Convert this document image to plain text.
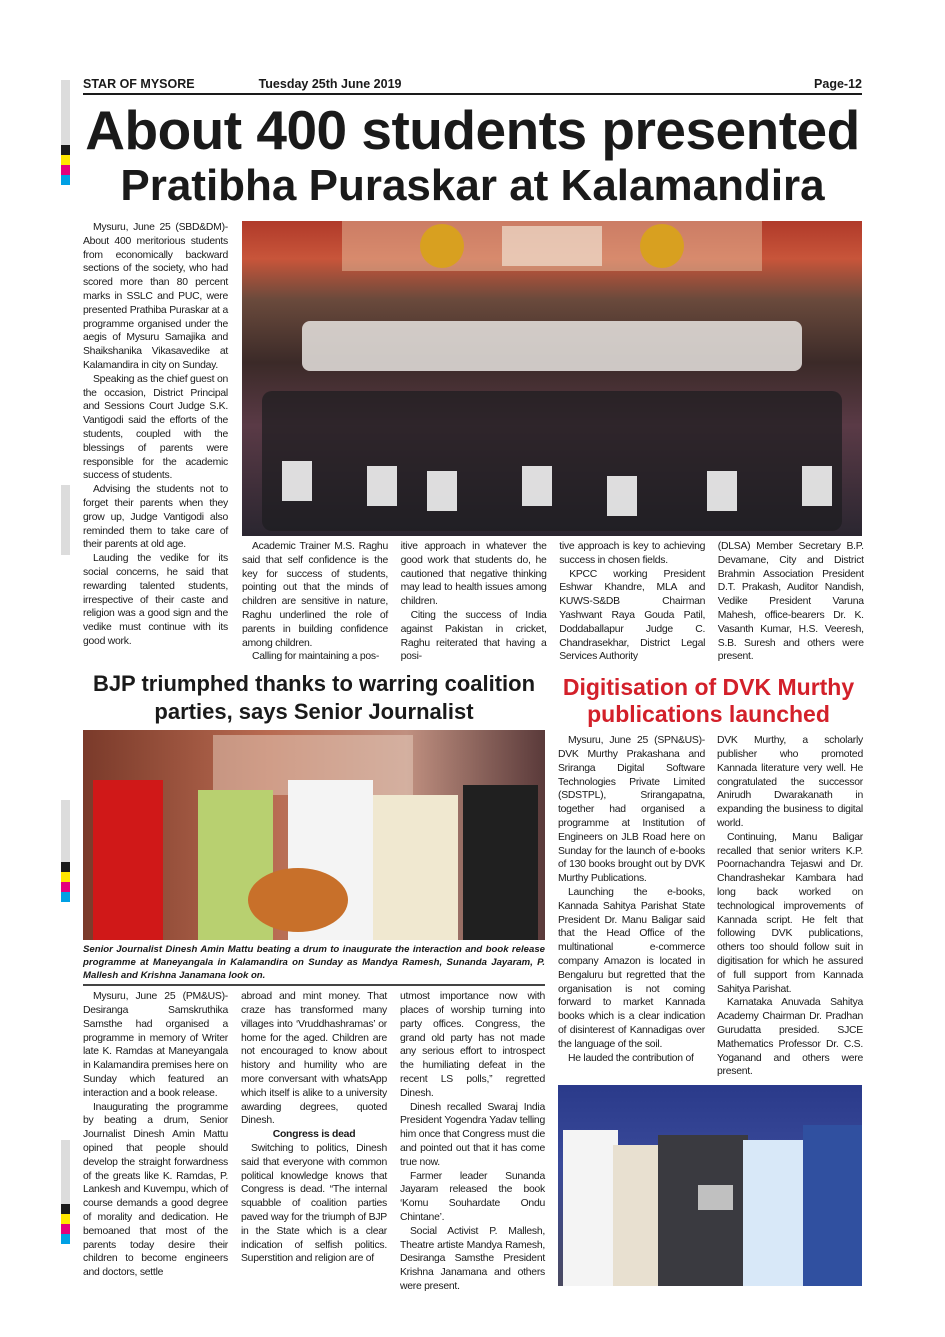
STAR OF MYSORE	Tuesday 25th June 2019	Page-12
About 400 students presented
Pratibha Puraskar at Kalamandira

Mysuru, June 25 (SBD&DM)- About 400 meritorious students from economically backward sections of the society, who had scored more than 80 percent marks in SSLC and PUC, were presented Prathiba Puraskar at a programme organised under the aegis of Mysuru Samajika and Shaikshanika Vikasavedike at Kalamandira in city on Sunday.

Speaking as the chief guest on the occasion, District Principal and Sessions Court Judge S.K. Vantigodi said the efforts of the students, coupled with the blessings of parents were responsible for the academic success of students.

Advising the students not to forget their parents when they grow up, Judge Vantigodi also reminded them to take care of their parents at old age.

Lauding the vedike for its social concerns, he said that rewarding talented students, irrespective of their caste and religion was a good sign and the vedike must continue with its good work.

Academic Trainer M.S. Raghu said that self confidence is the key for success of students, pointing out that the minds of children are sensitive in nature, Raghu underlined the role of parents in building confidence among children.

Calling for maintaining a pos-

itive approach in whatever the good work that students do, he cautioned that negative thinking may lead to health issues among children.

Citing the success of India against Pakistan in cricket, Raghu reiterated that having a posi-

tive approach is key to achieving success in chosen fields.

KPCC working President Eshwar Khandre, MLA and KUWS-S&DB Chairman Yashwant Raya Gouda Patil, Doddaballapur Judge C. Chandrasekhar, District Legal Services Authority

(DLSA) Member Secretary B.P. Devamane, City and District Brahmin Association President D.T. Prakash, Auditor Nandish, Vedike President Varuna Mahesh, office-bearers Dr. K. Vasanth Kumar, H.S. Veeresh, S.B. Suresh and others were present.

BJP triumphed thanks to warring coalition
parties, says Senior Journalist
Senior Journalist Dinesh Amin Mattu beating a drum to inaugurate the interaction and book release programme at Maneyangala in Kalamandira on Sunday as Mandya Ramesh, Sunanda Jayaram, P. Mallesh and Krishna Janamana look on.

Mysuru, June 25 (PM&US)- Desiranga Samskruthika Samsthe had organised a programme in memory of Writer late K. Ramdas at Maneyangala in Kalamandira premises here on Sunday which featured an interaction and a book release.

Inaugurating the programme by beating a drum, Senior Journalist Dinesh Amin Mattu opined that people should develop the straight forwardness of the greats like K. Ramdas, P. Lankesh and Kuvempu, which of course demands a good degree of morality and dedication. He bemoaned that most of the parents today desire their children to become engineers and doctors, settle

abroad and mint money. That craze has transformed many villages into ‘Vruddhashramas’ or home for the aged. Children are not encouraged to know about history and humility who are more conversant with whatsApp which itself is alike to a university awarding degrees, quoted Dinesh.

Congress is dead

Switching to politics, Dinesh said that everyone with common political knowledge knows that Congress is dead. “The internal squabble of coalition parties paved way for the triumph of BJP in the State which is a clear indication of selfish politics. Superstition and religion are of

utmost importance now with places of worship turning into party offices. Congress, the grand old party has not made any serious effort to introspect the humiliating defeat in the recent LS polls,” regretted Dinesh.

Dinesh recalled Swaraj India President Yogendra Yadav telling him once that Congress must die and pointed out that it has come true now.

Farmer leader Sunanda Jayaram released the book ‘Komu Souhardate Ondu Chintane’.

Social Activist P. Mallesh, Theatre artiste Mandya Ramesh, Desiranga Samsthe President Krishna Janamana and others were present.

Digitisation of DVK Murthy
publications launched

Mysuru, June 25 (SPN&US)- DVK Murthy Prakashana and Sriranga Digital Software Technologies Private Limited (SDSTPL), Srirangapatna, together had organised a programme at Institution of Engineers on JLB Road here on Sunday for the launch of e-books of 130 books brought out by DVK Murthy Publications.

Launching the e-books, Kannada Sahitya Parishat State President Dr. Manu Baligar said that the Head Office of the multinational e-commerce company Amazon is located in Bengaluru but regretted that the organisation is not coming forward to market Kannada books which is a clear indication of disinterest of Kannadigas over the language of the soil.

He lauded the contribution of

DVK Murthy, a scholarly publisher who promoted Kannada literature very well. He congratulated the successor Anirudh Dwarakanath in expanding the business to digital world.

Continuing, Manu Baligar recalled that senior writers K.P. Poornachandra Tejaswi and Dr. Chandrashekar Kambara had long back worked on technological improvements of Kannada script. He felt that following DVK publications, others too should follow suit in digitisation for which he assured of full support from Kannada Sahitya Parishat.

Karnataka Anuvada Sahitya Academy Chairman Dr. Pradhan Gurudatta presided. SJCE Mathematics Professor Dr. C.S. Yoganand and others were present.
